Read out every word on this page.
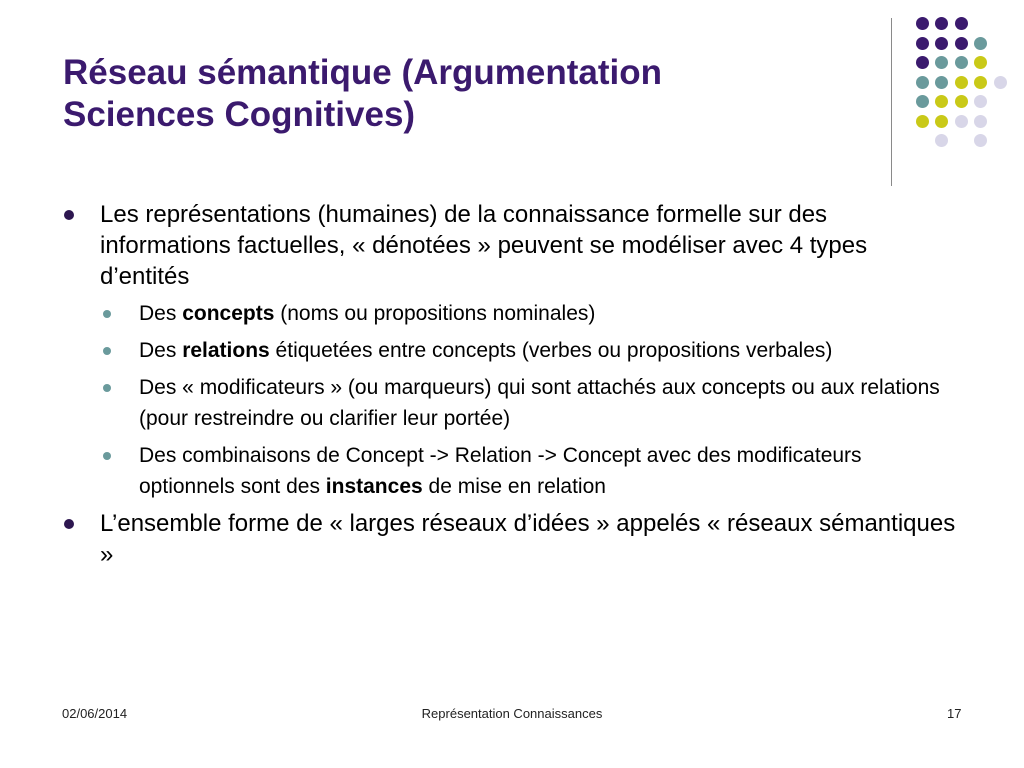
Réseau sémantique (Argumentation
Sciences Cognitives)
Les représentations (humaines) de la connaissance formelle sur des informations factuelles, « dénotées » peuvent se modéliser avec 4 types d’entités
Des concepts (noms ou propositions nominales)
Des relations étiquetées entre concepts (verbes ou propositions verbales)
Des « modificateurs » (ou marqueurs) qui sont attachés aux concepts ou aux relations (pour restreindre ou clarifier leur portée)
Des combinaisons de Concept -> Relation -> Concept avec des modificateurs optionnels sont des instances de mise en relation
L’ensemble forme de « larges réseaux d’idées » appelés « réseaux sémantiques »
02/06/2014	Représentation Connaissances	17
